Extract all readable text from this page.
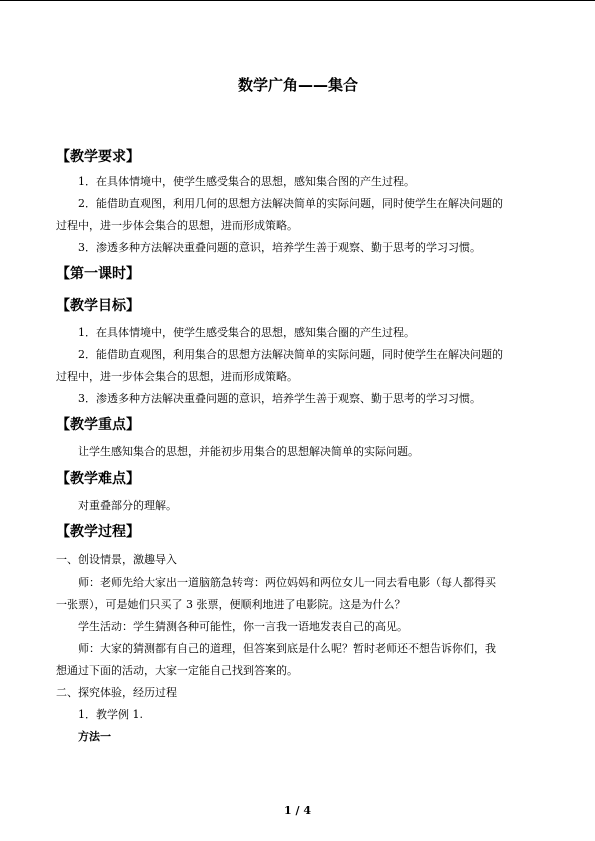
数学广角——集合
【教学要求】
1．在具体情境中，使学生感受集合的思想，感知集合图的产生过程。
2．能借助直观图，利用几何的思想方法解决简单的实际问题，同时使学生在解决问题的
过程中，进一步体会集合的思想，进而形成策略。
3．渗透多种方法解决重叠问题的意识，培养学生善于观察、勤于思考的学习习惯。
【第一课时】
【教学目标】
1．在具体情境中，使学生感受集合的思想，感知集合圈的产生过程。
2．能借助直观图，利用集合的思想方法解决简单的实际问题，同时使学生在解决问题的
过程中，进一步体会集合的思想，进而形成策略。
3．渗透多种方法解决重叠问题的意识，培养学生善于观察、勤于思考的学习习惯。
【教学重点】
让学生感知集合的思想，并能初步用集合的思想解决简单的实际问题。
【教学难点】
对重叠部分的理解。
【教学过程】
一、创设情景，激趣导入
师：老师先给大家出一道脑筋急转弯：两位妈妈和两位女儿一同去看电影（每人都得买
一张票），可是她们只买了 3 张票，便顺利地进了电影院。这是为什么？
学生活动：学生猜测各种可能性，你一言我一语地发表自己的高见。
师：大家的猜测都有自己的道理，但答案到底是什么呢？暂时老师还不想告诉你们，我
想通过下面的活动，大家一定能自己找到答案的。
二、探究体验，经历过程
1．教学例 1.
方法一
1 / 4
